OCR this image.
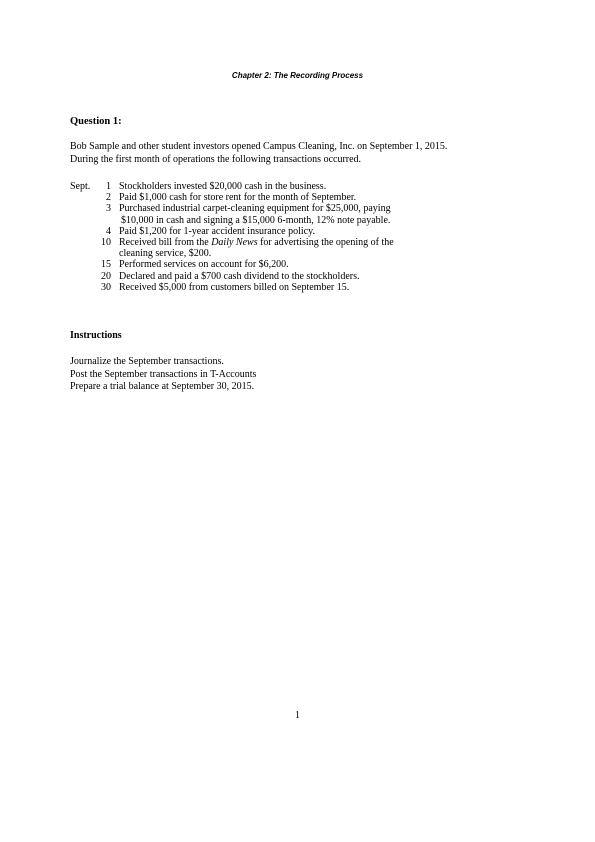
Chapter 2: The Recording Process
Question 1:
Bob Sample and other student investors opened Campus Cleaning, Inc. on September 1, 2015.
During the first month of operations the following transactions occurred.
Sept.	1 Stockholders invested $20,000 cash in the business.
2 Paid $1,000 cash for store rent for the month of September.
3 Purchased industrial carpet-cleaning equipment for $25,000, paying
$10,000 in cash and signing a $15,000 6-month, 12% note payable.
4 Paid $1,200 for 1-year accident insurance policy.
10 Received bill from the Daily News for advertising the opening of the
cleaning service, $200.
15 Performed services on account for $6,200.
20 Declared and paid a $700 cash dividend to the stockholders.
30 Received $5,000 from customers billed on September 15.
Instructions
Journalize the September transactions.
Post the September transactions in T-Accounts
Prepare a trial balance at September 30, 2015.
1
